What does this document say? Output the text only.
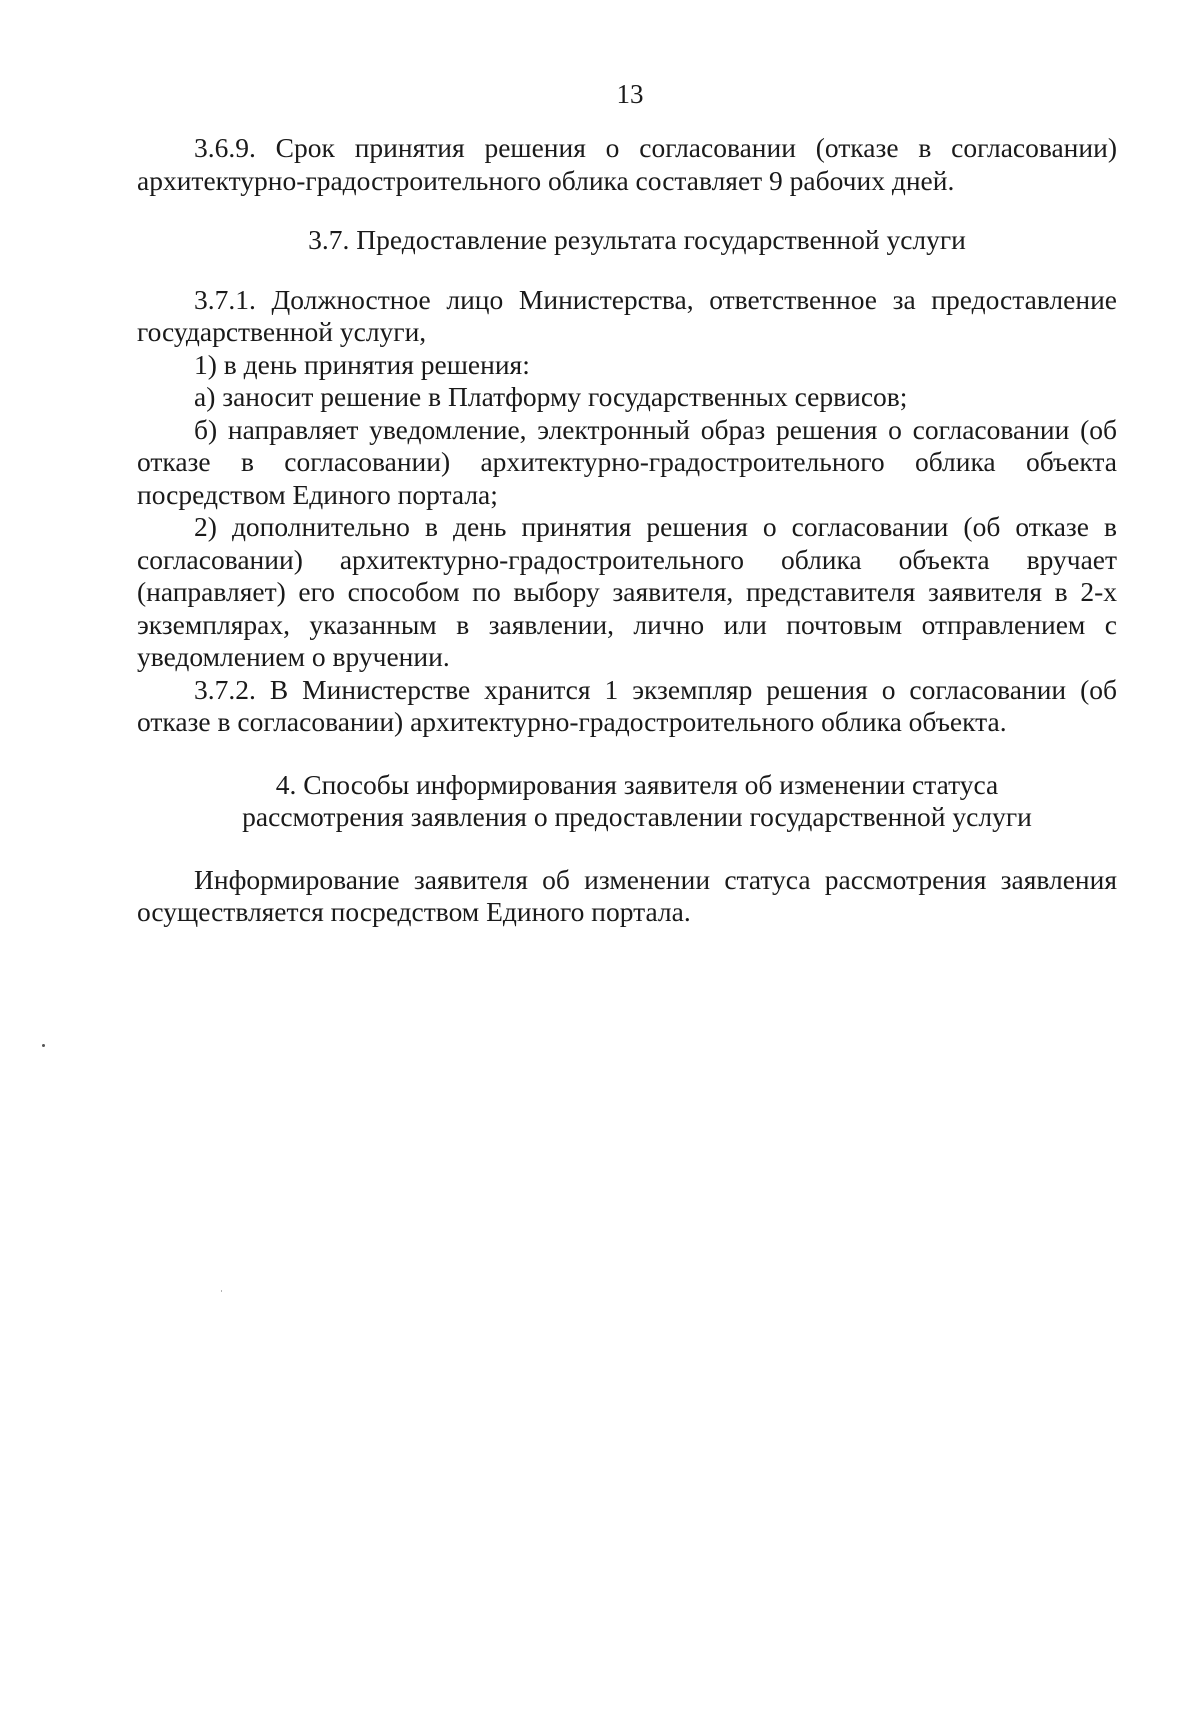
13

3.6.9. Срок принятия решения о согласовании (отказе в согласовании) архитектурно-градостроительного облика составляет 9 рабочих дней.

3.7. Предоставление результата государственной услуги

3.7.1. Должностное лицо Министерства, ответственное за предоставление государственной услуги,

1) в день принятия решения:

а) заносит решение в Платформу государственных сервисов;

б) направляет уведомление, электронный образ решения о согласовании (об отказе в согласовании) архитектурно-градостроительного облика объекта посредством Единого портала;

2) дополнительно в день принятия решения о согласовании (об отказе в согласовании) архитектурно-градостроительного облика объекта вручает (направляет) его способом по выбору заявителя, представителя заявителя в 2-х экземплярах, указанным в заявлении, лично или почтовым отправлением с уведомлением о вручении.

3.7.2. В Министерстве хранится 1 экземпляр решения о согласовании (об отказе в согласовании) архитектурно-градостроительного облика объекта.

4. Способы информирования заявителя об изменении статуса
рассмотрения заявления о предоставлении государственной услуги

Информирование заявителя об изменении статуса рассмотрения заявления осуществляется посредством Единого портала.
